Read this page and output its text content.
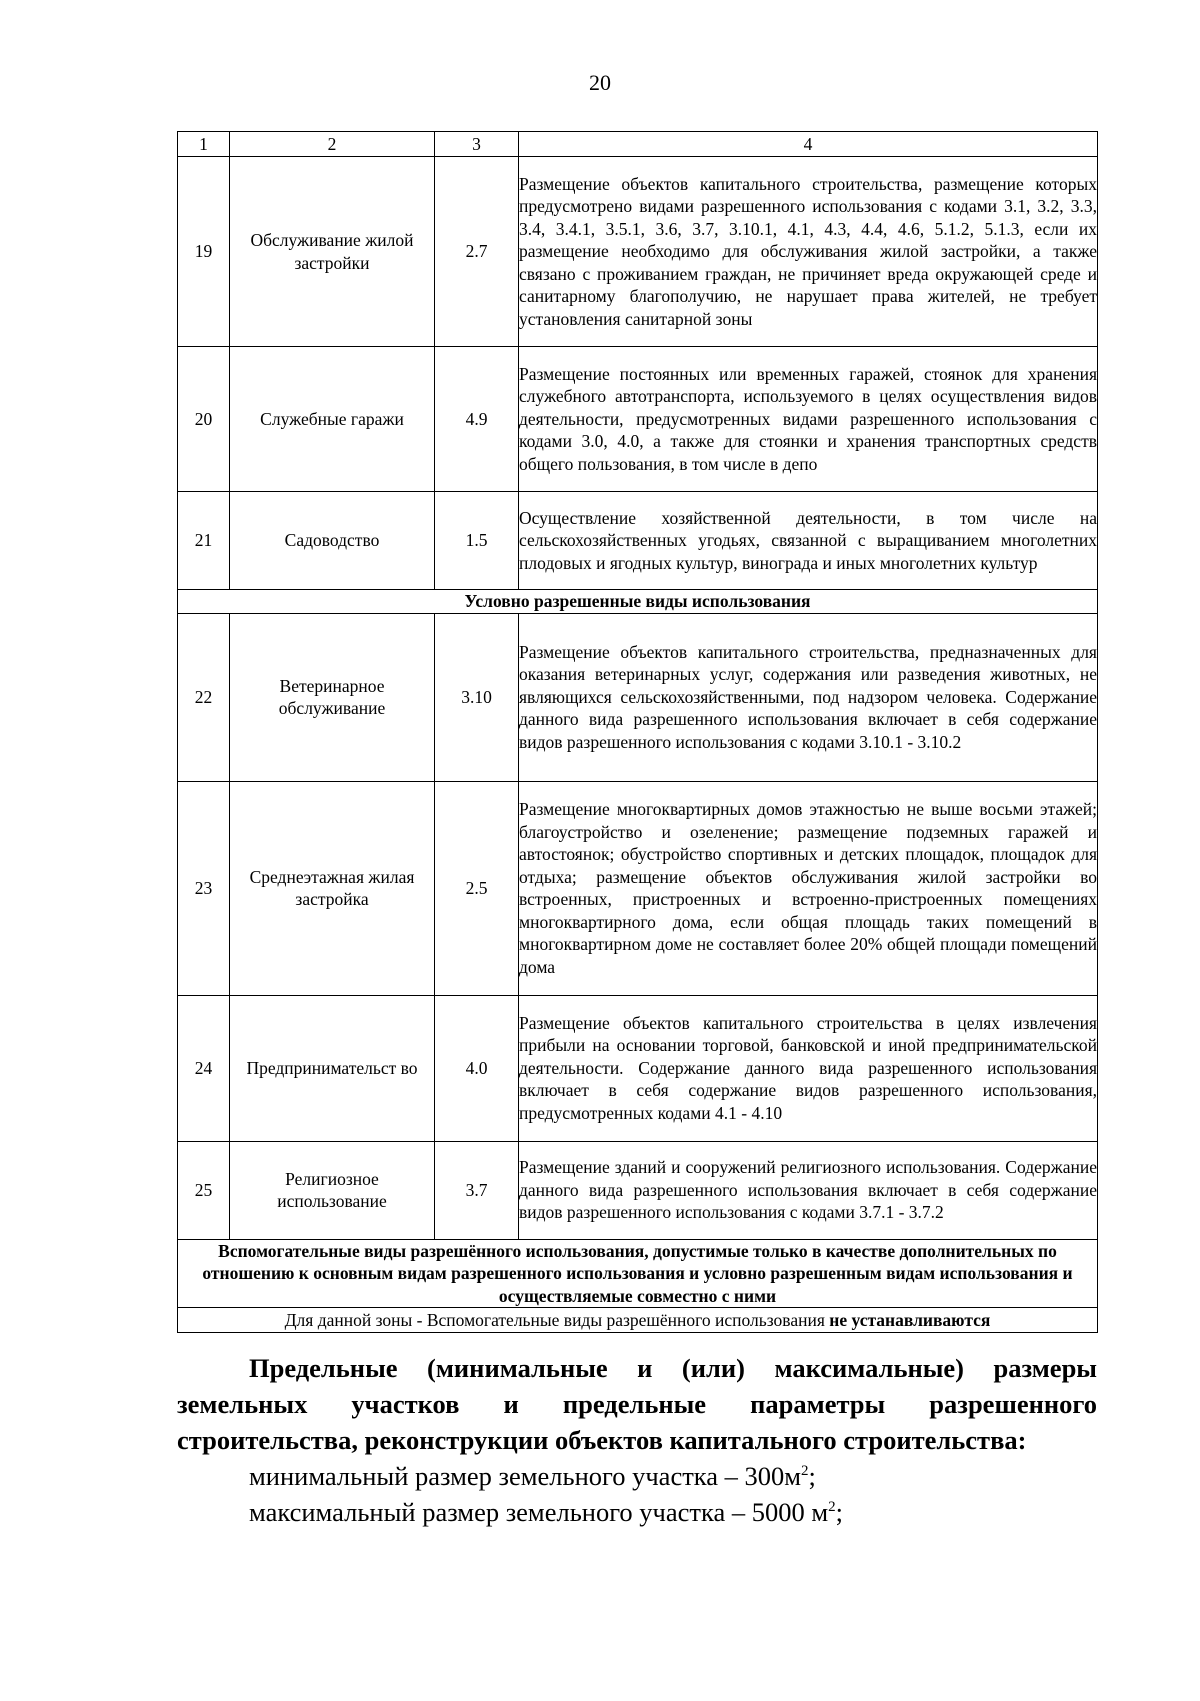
20
1	2	3	4
19	Обслуживание жилой застройки	2.7	Размещение объектов капитального строительства, размещение которых предусмотрено видами разрешенного использования с кодами 3.1, 3.2, 3.3, 3.4, 3.4.1, 3.5.1, 3.6, 3.7, 3.10.1, 4.1, 4.3, 4.4, 4.6, 5.1.2, 5.1.3, если их размещение необходимо для обслуживания жилой застройки, а также связано с проживанием граждан, не причиняет вреда окружающей среде и санитарному благополучию, не нарушает права жителей, не требует установления санитарной зоны
20	Служебные гаражи	4.9	Размещение постоянных или временных гаражей, стоянок для хранения служебного автотранспорта, используемого в целях осуществления видов деятельности, предусмотренных видами разрешенного использования с кодами 3.0, 4.0, а также для стоянки и хранения транспортных средств общего пользования, в том числе в депо
21	Садоводство	1.5	Осуществление хозяйственной деятельности, в том числе на сельскохозяйственных угодьях, связанной с выращиванием многолетних плодовых и ягодных культур, винограда и иных многолетних культур
Условно разрешенные виды использования			
22	Ветеринарное обслуживание	3.10	Размещение объектов капитального строительства, предназначенных для оказания ветеринарных услуг, содержания или разведения животных, не являющихся сельскохозяйственными, под надзором человека. Содержание данного вида разрешенного использования включает в себя содержание видов разрешенного использования с кодами 3.10.1 - 3.10.2
23	Среднеэтажная жилая застройка	2.5	Размещение многоквартирных домов этажностью не выше восьми этажей; благоустройство и озеленение; размещение подземных гаражей и автостоянок; обустройство спортивных и детских площадок, площадок для отдыха; размещение объектов обслуживания жилой застройки во встроенных, пристроенных и встроенно-пристроенных помещениях многоквартирного дома, если общая площадь таких помещений в многоквартирном доме не составляет более 20% общей площади помещений дома
24	Предпринимательст во	4.0	Размещение объектов капитального строительства в целях извлечения прибыли на основании торговой, банковской и иной предпринимательской деятельности. Содержание данного вида разрешенного использования включает в себя содержание видов разрешенного использования, предусмотренных кодами 4.1 - 4.10
25	Религиозное использование	3.7	Размещение зданий и сооружений религиозного использования. Содержание данного вида разрешенного использования включает в себя содержание видов разрешенного использования с кодами 3.7.1 - 3.7.2
Вспомогательные виды разрешённого использования, допустимые только в качестве дополнительных по отношению к основным видам разрешенного использования и условно разрешенным видам использования и осуществляемые совместно с ними			
Для данной зоны - Вспомогательные виды разрешённого использования не устанавливаются			

Предельные (минимальные и (или) максимальные) размеры земельных участков и предельные параметры разрешенного строительства, реконструкции объектов капитального строительства:

минимальный размер земельного участка – $300м^2$;

максимальный размер земельного участка – 5000 $м^2$;
